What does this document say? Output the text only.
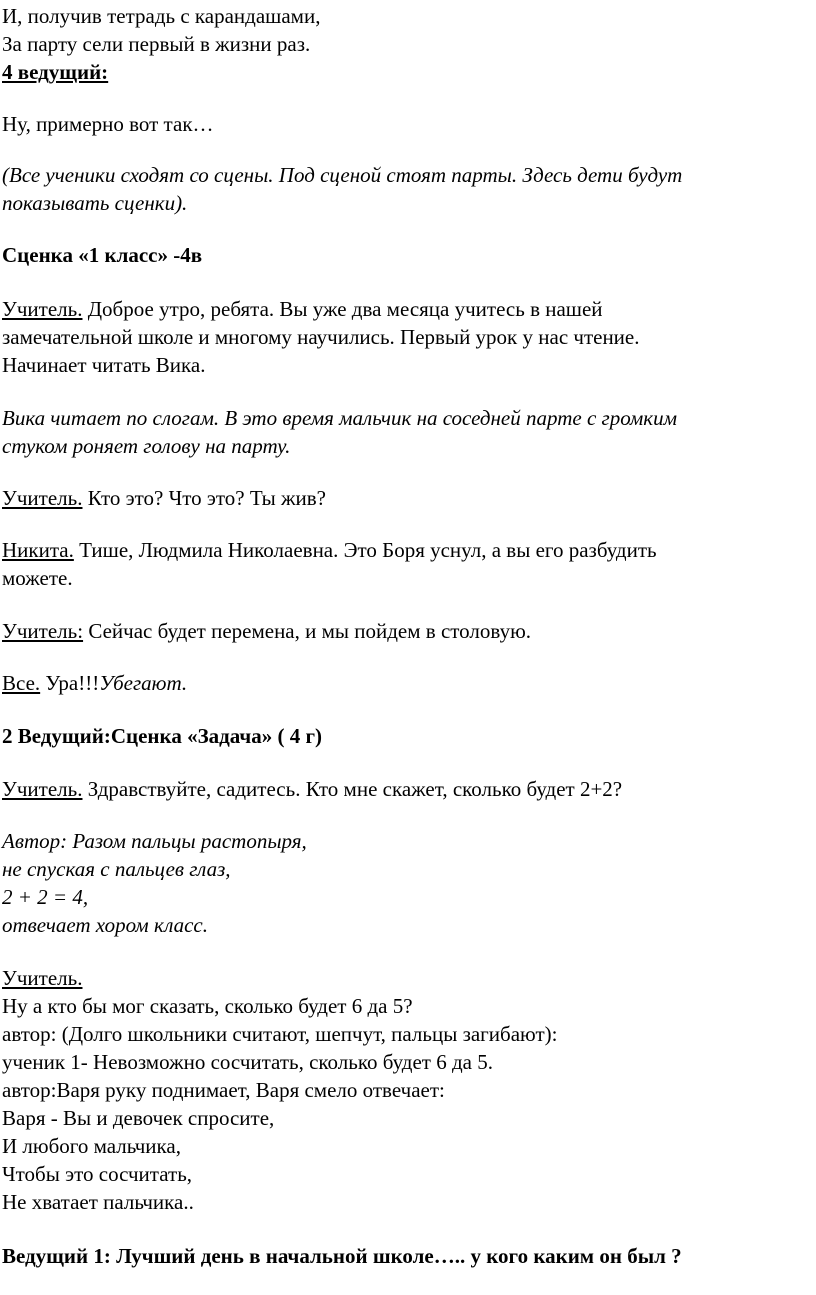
И, получив тетрадь с карандашами,
За парту сели первый в жизни раз.
4 ведущий:
Ну, примерно вот так…
(Все ученики сходят со сцены. Под сценой стоят парты. Здесь дети будут
показывать сценки).
Сценка «1 класс» -4в
Учитель. Доброе утро, ребята. Вы уже два месяца учитесь в нашей
замечательной школе и многому научились. Первый урок у нас чтение.
Начинает читать Вика.
Вика читает по слогам. В это время мальчик на соседней парте с громким
стуком роняет голову на парту.
Учитель. Кто это? Что это? Ты жив?
Никита. Тише, Людмила Николаевна. Это Боря уснул, а вы его разбудить
можете.
Учитель: Сейчас будет перемена, и мы пойдем в столовую.
Все. Ура!!!Убегают.
2 Ведущий:Сценка «Задача» ( 4 г)
Учитель. Здравствуйте, садитесь. Кто мне скажет, сколько будет 2+2?
Автор: Разом пальцы растопыря,
не спуская с пальцев глаз,
2 + 2 = 4,
отвечает хором класс.
Учитель.
Ну а кто бы мог сказать, сколько будет 6 да 5?
автор: (Долго школьники считают, шепчут, пальцы загибают):
ученик 1- Невозможно сосчитать, сколько будет 6 да 5.
автор:Варя руку поднимает, Варя смело отвечает:
Варя - Вы и девочек спросите,
И любого мальчика,
Чтобы это сосчитать,
Не хватает пальчика..
Ведущий 1: Лучший день в начальной школе….. у кого каким он был ?
